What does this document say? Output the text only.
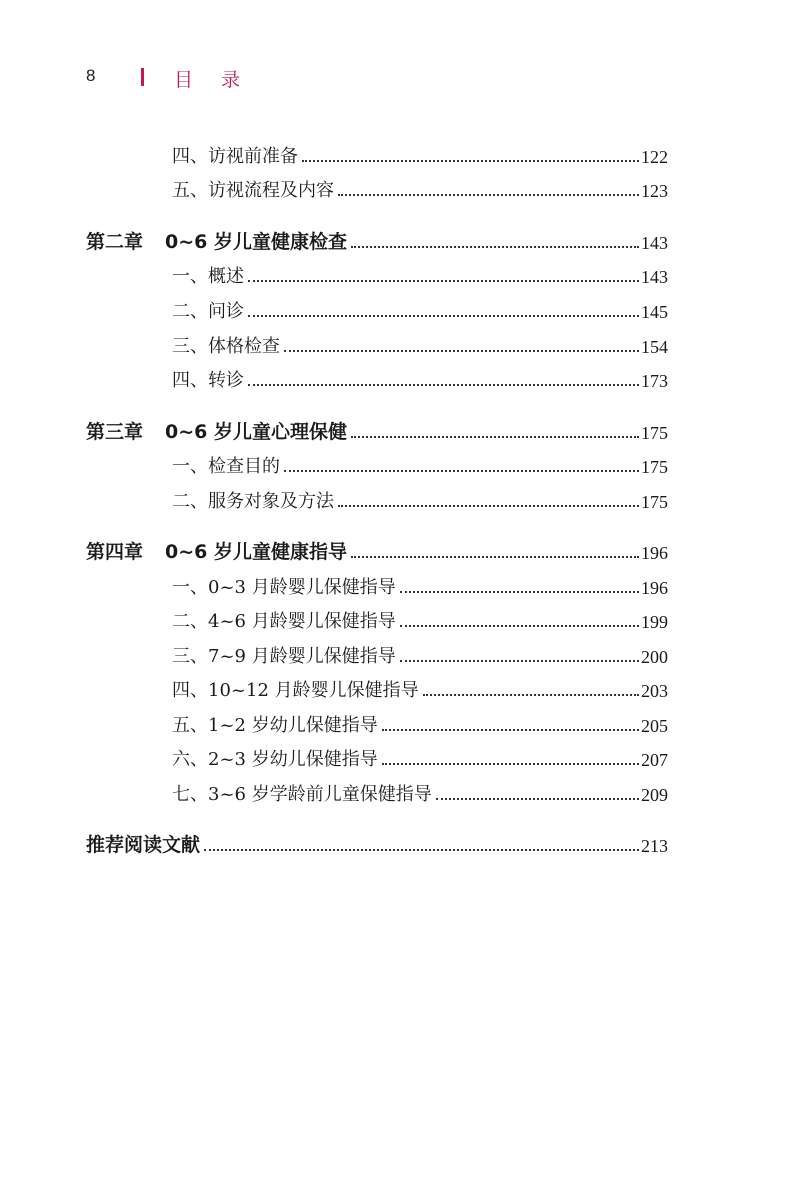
8	目录
四、访视前准备	122
五、访视流程及内容	123
第二章 0~6 岁儿童健康检查	143
一、概述	143
二、问诊	145
三、体格检查	154
四、转诊	173
第三章 0~6 岁儿童心理保健	175
一、检查目的	175
二、服务对象及方法	175
第四章 0~6 岁儿童健康指导	196
一、0~3 月龄婴儿保健指导	196
二、4~6 月龄婴儿保健指导	199
三、7~9 月龄婴儿保健指导	200
四、10~12 月龄婴儿保健指导	203
五、1~2 岁幼儿保健指导	205
六、2~3 岁幼儿保健指导	207
七、3~6 岁学龄前儿童保健指导	209
推荐阅读文献	213
